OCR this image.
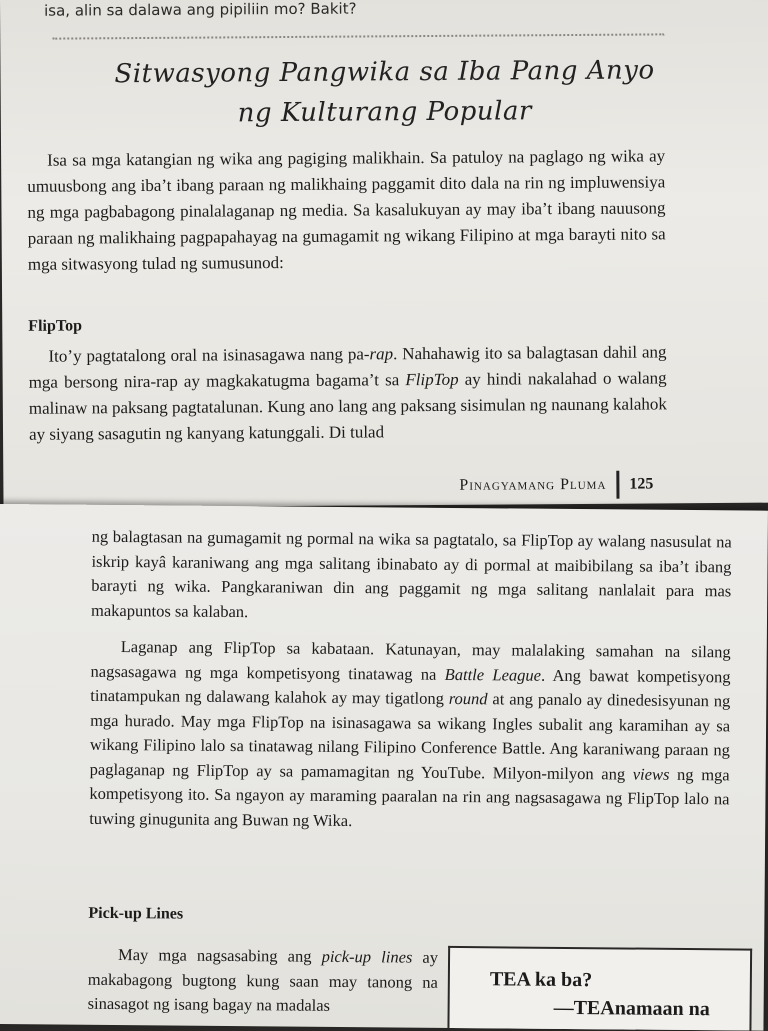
isa, alin sa dalawa ang pipiliin mo? Bakit?
Sitwasyong Pangwika sa Iba Pang Anyo
ng Kulturang Popular
Isa sa mga katangian ng wika ang pagiging malikhain. Sa patuloy na paglago ng wika ay umuusbong ang iba’t ibang paraan ng malikhaing paggamit dito dala na rin ng impluwensiya ng mga pagbabagong pinalalaganap ng media. Sa kasalukuyan ay may iba’t ibang nauusong paraan ng malikhaing pagpapahayag na gumagamit ng wikang Filipino at mga barayti nito sa mga sitwasyong tulad ng sumusunod:
FlipTop
Ito’y pagtatalong oral na isinasagawa nang pa-rap. Nahahawig ito sa balagtasan dahil ang mga bersong nira-rap ay magkakatugma bagama’t sa FlipTop ay hindi nakalahad o walang malinaw na paksang pagtatalunan. Kung ano lang ang paksang sisimulan ng naunang kalahok ay siyang sasagutin ng kanyang katunggali. Di tulad
Pinagyamang Pluma 125
ng balagtasan na gumagamit ng pormal na wika sa pagtatalo, sa FlipTop ay walang nasusulat na iskrip kayâ karaniwang ang mga salitang ibinabato ay di pormal at maibibilang sa iba’t ibang barayti ng wika. Pangkaraniwan din ang paggamit ng mga salitang nanlalait para mas makapuntos sa kalaban.
Laganap ang FlipTop sa kabataan. Katunayan, may malalaking samahan na silang nagsasagawa ng mga kompetisyong tinatawag na Battle League. Ang bawat kompetisyong tinatampukan ng dalawang kalahok ay may tigatlong round at ang panalo ay dinedesisyunan ng mga hurado. May mga FlipTop na isinasagawa sa wikang Ingles subalit ang karamihan ay sa wikang Filipino lalo sa tinatawag nilang Filipino Conference Battle. Ang karaniwang paraan ng paglaganap ng FlipTop ay sa pamamagitan ng YouTube. Milyon-milyon ang views ng mga kompetisyong ito. Sa ngayon ay maraming paaralan na rin ang nagsasagawa ng FlipTop lalo na tuwing ginugunita ang Buwan ng Wika.
Pick-up Lines
May mga nagsasabing ang pick-up lines ay makabagong bugtong kung saan may tanong na sinasagot ng isang bagay na madalas
TEA ka ba?
—TEAnamaan na
